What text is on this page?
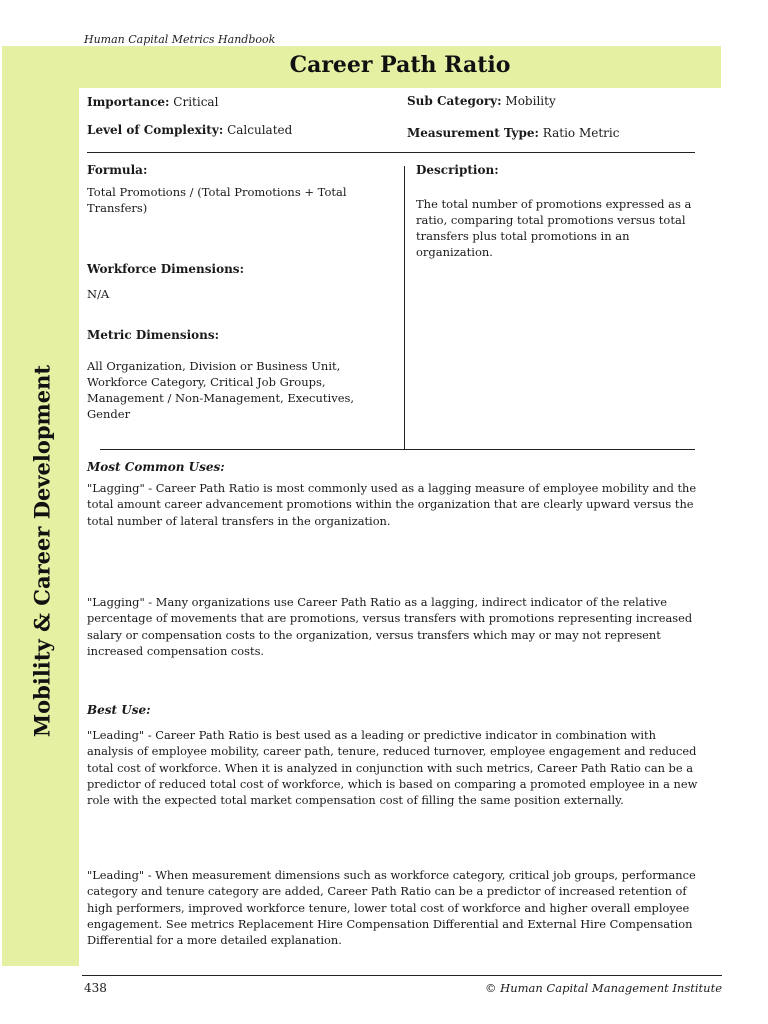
Human Capital Metrics Handbook
Mobility & Career Development
Career Path Ratio
Importance: Critical
Level of Complexity: Calculated
Sub Category: Mobility
Measurement Type: Ratio Metric
Formula:
Total Promotions / (Total Promotions + Total
Transfers)
Description:
The total number of promotions expressed as a
ratio, comparing total promotions versus total
transfers plus total promotions in an
organization.
Workforce Dimensions:
N/A
Metric Dimensions:
All Organization, Division or Business Unit,
Workforce Category, Critical Job Groups,
Management / Non-Management, Executives,
Gender
Most Common Uses:
"Lagging" - Career Path Ratio is most commonly used as a lagging measure of employee mobility and the
total amount career advancement promotions within the organization that are clearly upward versus the
total number of lateral transfers in the organization.
"Lagging" - Many organizations use Career Path Ratio as a lagging, indirect indicator of the relative
percentage of movements that are promotions, versus transfers with promotions representing increased
salary or compensation costs to the organization, versus transfers which may or may not represent
increased compensation costs.
Best Use:
"Leading" - Career Path Ratio is best used as a leading or predictive indicator in combination with
analysis of employee mobility, career path, tenure, reduced turnover, employee engagement and reduced
total cost of workforce. When it is analyzed in conjunction with such metrics, Career Path Ratio can be a
predictor of reduced total cost of workforce, which is based on comparing a promoted employee in a new
role with the expected total market compensation cost of filling the same position externally.
"Leading" - When measurement dimensions such as workforce category, critical job groups, performance
category and tenure category are added, Career Path Ratio can be a predictor of increased retention of
high performers, improved workforce tenure, lower total cost of workforce and higher overall employee
engagement. See metrics Replacement Hire Compensation Differential and External Hire Compensation
Differential for a more detailed explanation.
438	© Human Capital Management Institute
